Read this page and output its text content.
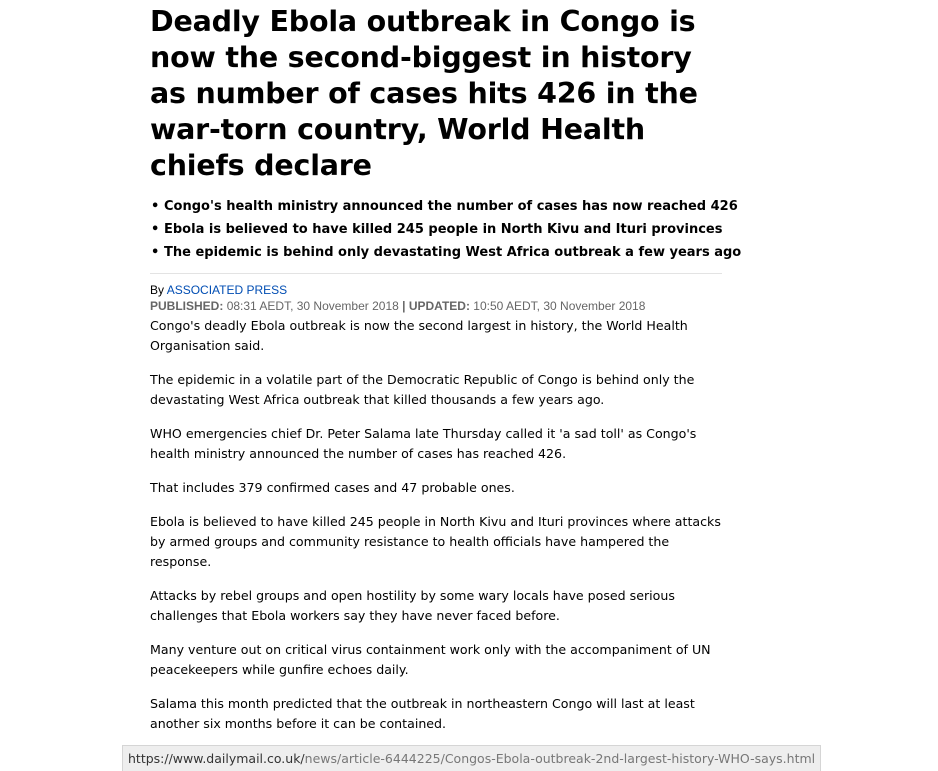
Deadly Ebola outbreak in Congo is now the second-biggest in history as number of cases hits 426 in the war-torn country, World Health chiefs declare
• Congo's health ministry announced the number of cases has now reached 426
• Ebola is believed to have killed 245 people in North Kivu and Ituri provinces
• The epidemic is behind only devastating West Africa outbreak a few years ago
By ASSOCIATED PRESS
PUBLISHED: 08:31 AEDT, 30 November 2018 | UPDATED: 10:50 AEDT, 30 November 2018

Congo's deadly Ebola outbreak is now the second largest in history, the World Health Organisation said.

The epidemic in a volatile part of the Democratic Republic of Congo is behind only the devastating West Africa outbreak that killed thousands a few years ago.

WHO emergencies chief Dr. Peter Salama late Thursday called it 'a sad toll' as Congo's health ministry announced the number of cases has reached 426.

That includes 379 confirmed cases and 47 probable ones.

Ebola is believed to have killed 245 people in North Kivu and Ituri provinces where attacks by armed groups and community resistance to health officials have hampered the response.

Attacks by rebel groups and open hostility by some wary locals have posed serious challenges that Ebola workers say they have never faced before.

Many venture out on critical virus containment work only with the accompaniment of UN peacekeepers while gunfire echoes daily.

Salama this month predicted that the outbreak in northeastern Congo will last at least another six months before it can be contained.

https://www.dailymail.co.uk/news/article-6444225/Congos-Ebola-outbreak-2nd-largest-history-WHO-says.html
